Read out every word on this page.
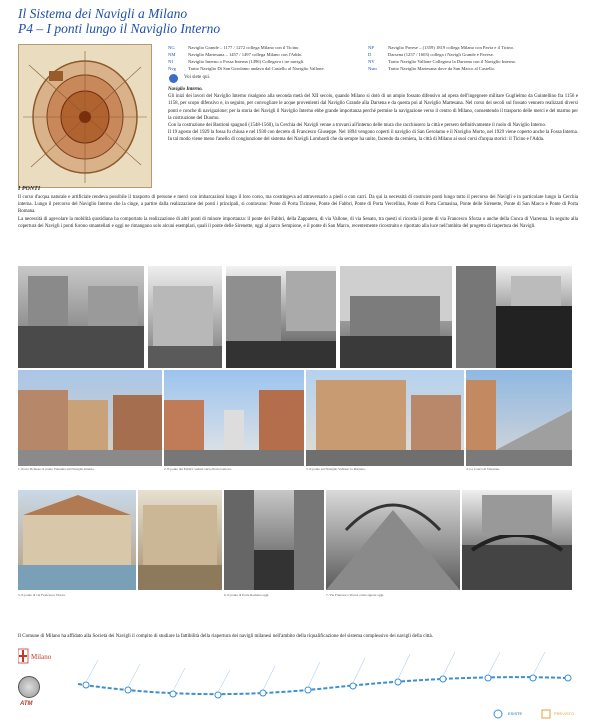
Il Sistema dei Navigli a Milano
P4 – I ponti lungo il Naviglio Interno
NG	Naviglio Grande – 1177 / 1272 collega Milano con il Ticino.
NM	Naviglio Martesana – 1457 / 1497 collega Milano con l'Adda.
NI	Naviglio Interno o Fossa Interna (1496) Collegava i tre navigli.
Nvg	Tratto Naviglio Di San Gerolamo andava dal Castello al Naviglio Vallone.
NP	Naviglio Pavese – (1359) 1819 collega Milano con Pavia e il Ticino.
D	Darsena (1257 / 1603) collega i Navigli Grande e Pavese.
NV	Tratto Naviglio Vallone Collegava la Darsena con il Naviglio Interno.
Nsm Tratto Naviglio Martesana dove da San Marco al Castello.
Voi siete qui.
Naviglio Interno.
Gli inizi dei lavori del Naviglio Interno risalgono alla seconda metà del XII secolo, quando Milano si dotò di un ampio fossato difensivo ad opera dell'ingegnere militare Guglielmo da Guintellino fra 1156 e 1158, per scopo difensivo e, in seguito, per convogliare le acque provenienti dal Naviglio Grande alla Darsena e da questa poi al Naviglio Martesana. Nel corso dei secoli sul fossato vennero realizzati diversi ponti e conche di navigazione; per la storia dei Navigli il Naviglio Interno ebbe grande importanza perché permise la navigazione verso il centro di Milano, consentendo il trasporto delle merci e del marmo per la costruzione del Duomo.
Con la costruzione dei Bastioni spagnoli (1548-1560), la Cerchia dei Navigli venne a trovarsi all'interno delle mura che racchiusero la città e persero definitivamente il ruolo di Naviglio Interno.
Il 19 agosto del 1929 la fossa fu chiusa e nel 1930 con decreto di Francesco Giuseppe. Nel 1894 vengono coperti il naviglio di San Gerolamo e il Naviglio Morto, nel 1929 viene coperto anche la Fossa Interna. In tal modo viene meno l'anello di congiunzione del sistema dei Navigli Lombardi che da sempre ha unito, facendo da cerniera, la città di Milano ai suoi corsi d'acqua storici: il Ticino e l'Adda.
I PONTI
Il corso d'acqua naturale e artificiale rendeva possibile il trasporto di persone e merci con imbarcazioni lungo il loro corso, ma costringeva ad attraversarlo a piedi o con carri. Da qui la necessità di costruire ponti lungo tutto il percorso dei Navigli e in particolare lungo la Cerchia interna. Lungo il percorso del Naviglio Interno che la cinge, a partire dalla realizzazione dei ponti i principali, si contavano: Ponte di Porta Ticinese, Ponte dei Fabbri, Ponte di Porta Vercellina, Ponte di Porta Comasina, Ponte delle Sirenette, Ponte di San Marco e Ponte di Porta Romana.
La necessità di agevolare la mobilità quotidiana ha comportato la realizzazione di altri ponti di minore importanza: il ponte dei Fabbri, della Zappatera, di via Vallone, di via Senato, tra questi si ricorda il ponte di via Francesco Sforza o anche della Conca di Viarenna. In seguito alla copertura dei Navigli i ponti furono smantellati e oggi ne rimangono solo alcuni esemplari, quali il ponte delle Sirenette, oggi al parco Sempione, e il ponte di San Marco, recentemente ricostruito e riportato alla luce nell'ambito del progetto di riapertura dei Navigli.
1. Porta Ticinese: il ponte Viarenna sul Naviglio Interno.	2. Il ponte dei Fabbri: veduta verso Porta Genova.	3. Il ponte sul Naviglio Vallone: la Darsena.	4. La Conca di Viarenna.
5. Il ponte di via Francesco Sforza.	6. Il ponte di Porta Romana oggi.	7. Via Francesco Sforza come appare oggi.
Il Comune di Milano ha affidato alla Società dei Navigli il compito di studiare la fattibilità della riapertura dei navigli milanesi nell'ambito della riqualificazione del sistema complessivo dei navigli della città.
Milano
ATM
ESISTE	PREVISTO
